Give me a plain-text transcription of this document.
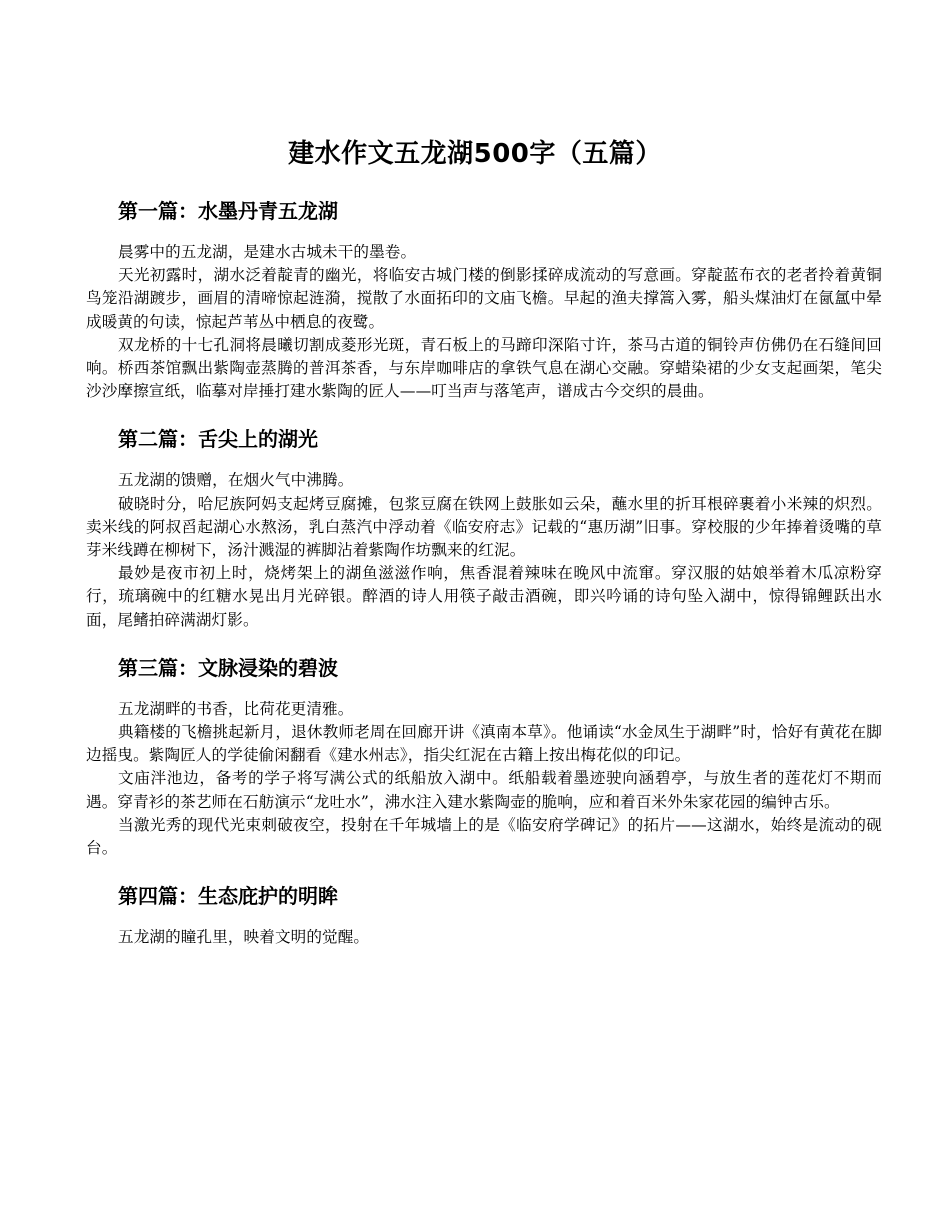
建水作文五龙湖500字（五篇）
第一篇：水墨丹青五龙湖

晨雾中的五龙湖，是建水古城未干的墨卷。

天光初露时，湖水泛着靛青的幽光，将临安古城门楼的倒影揉碎成流动的写意画。穿靛蓝布衣的老者拎着黄铜鸟笼沿湖踱步，画眉的清啼惊起涟漪，搅散了水面拓印的文庙飞檐。早起的渔夫撑篙入雾，船头煤油灯在氤氲中晕成暖黄的句读，惊起芦苇丛中栖息的夜鹭。

双龙桥的十七孔洞将晨曦切割成菱形光斑，青石板上的马蹄印深陷寸许，茶马古道的铜铃声仿佛仍在石缝间回响。桥西茶馆飘出紫陶壶蒸腾的普洱茶香，与东岸咖啡店的拿铁气息在湖心交融。穿蜡染裙的少女支起画架，笔尖沙沙摩擦宣纸，临摹对岸捶打建水紫陶的匠人——叮当声与落笔声，谱成古今交织的晨曲。

第二篇：舌尖上的湖光

五龙湖的馈赠，在烟火气中沸腾。

破晓时分，哈尼族阿妈支起烤豆腐摊，包浆豆腐在铁网上鼓胀如云朵，蘸水里的折耳根碎裹着小米辣的炽烈。卖米线的阿叔舀起湖心水熬汤，乳白蒸汽中浮动着《临安府志》记载的“惠历湖”旧事。穿校服的少年捧着烫嘴的草芽米线蹲在柳树下，汤汁溅湿的裤脚沾着紫陶作坊飘来的红泥。

最妙是夜市初上时，烧烤架上的湖鱼滋滋作响，焦香混着辣味在晚风中流窜。穿汉服的姑娘举着木瓜凉粉穿行，琉璃碗中的红糖水晃出月光碎银。醉酒的诗人用筷子敲击酒碗，即兴吟诵的诗句坠入湖中，惊得锦鲤跃出水面，尾鳍拍碎满湖灯影。

第三篇：文脉浸染的碧波

五龙湖畔的书香，比荷花更清雅。

典籍楼的飞檐挑起新月，退休教师老周在回廊开讲《滇南本草》。他诵读“水金凤生于湖畔”时，恰好有黄花在脚边摇曳。紫陶匠人的学徒偷闲翻看《建水州志》，指尖红泥在古籍上按出梅花似的印记。

文庙泮池边，备考的学子将写满公式的纸船放入湖中。纸船载着墨迹驶向涵碧亭，与放生者的莲花灯不期而遇。穿青衫的茶艺师在石舫演示“龙吐水”，沸水注入建水紫陶壶的脆响，应和着百米外朱家花园的编钟古乐。

当激光秀的现代光束刺破夜空，投射在千年城墙上的是《临安府学碑记》的拓片——这湖水，始终是流动的砚台。

第四篇：生态庇护的明眸

五龙湖的瞳孔里，映着文明的觉醒。
